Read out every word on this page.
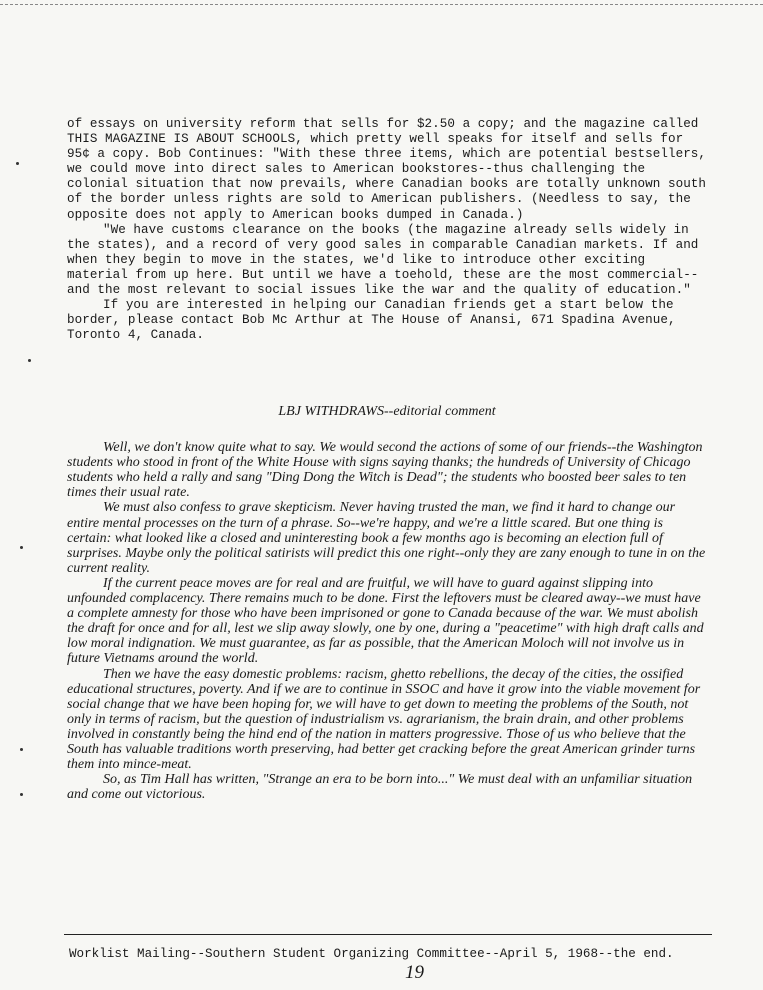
of essays on university reform that sells for $2.50 a copy; and the magazine called THIS MAGAZINE IS ABOUT SCHOOLS, which pretty well speaks for itself and sells for 95¢ a copy. Bob Continues: "With these three items, which are potential bestsellers, we could move into direct sales to American bookstores--thus challenging the colonial situation that now prevails, where Canadian books are totally unknown south of the border unless rights are sold to American publishers. (Needless to say, the opposite does not apply to American books dumped in Canada.)

"We have customs clearance on the books (the magazine already sells widely in the states), and a record of very good sales in comparable Canadian markets. If and when they begin to move in the states, we'd like to introduce other exciting material from up here. But until we have a toehold, these are the most commercial--and the most relevant to social issues like the war and the quality of education."

If you are interested in helping our Canadian friends get a start below the border, please contact Bob Mc Arthur at The House of Anansi, 671 Spadina Avenue, Toronto 4, Canada.

LBJ WITHDRAWS--editorial comment

Well, we don't know quite what to say. We would second the actions of some of our friends--the Washington students who stood in front of the White House with signs saying thanks; the hundreds of University of Chicago students who held a rally and sang "Ding Dong the Witch is Dead"; the students who boosted beer sales to ten times their usual rate.

We must also confess to grave skepticism. Never having trusted the man, we find it hard to change our entire mental processes on the turn of a phrase. So--we're happy, and we're a little scared. But one thing is certain: what looked like a closed and uninteresting book a few months ago is becoming an election full of surprises. Maybe only the political satirists will predict this one right--only they are zany enough to tune in on the current reality.

If the current peace moves are for real and are fruitful, we will have to guard against slipping into unfounded complacency. There remains much to be done. First the leftovers must be cleared away--we must have a complete amnesty for those who have been imprisoned or gone to Canada because of the war. We must abolish the draft for once and for all, lest we slip away slowly, one by one, during a "peacetime" with high draft calls and low moral indignation. We must guarantee, as far as possible, that the American Moloch will not involve us in future Vietnams around the world.

Then we have the easy domestic problems: racism, ghetto rebellions, the decay of the cities, the ossified educational structures, poverty. And if we are to continue in SSOC and have it grow into the viable movement for social change that we have been hoping for, we will have to get down to meeting the problems of the South, not only in terms of racism, but the question of industrialism vs. agrarianism, the brain drain, and other problems involved in constantly being the hind end of the nation in matters progressive. Those of us who believe that the South has valuable traditions worth preserving, had better get cracking before the great American grinder turns them into mince-meat.

So, as Tim Hall has written, "Strange an era to be born into..." We must deal with an unfamiliar situation and come out victorious.

Worklist Mailing--Southern Student Organizing Committee--April 5, 1968--the end.
19
